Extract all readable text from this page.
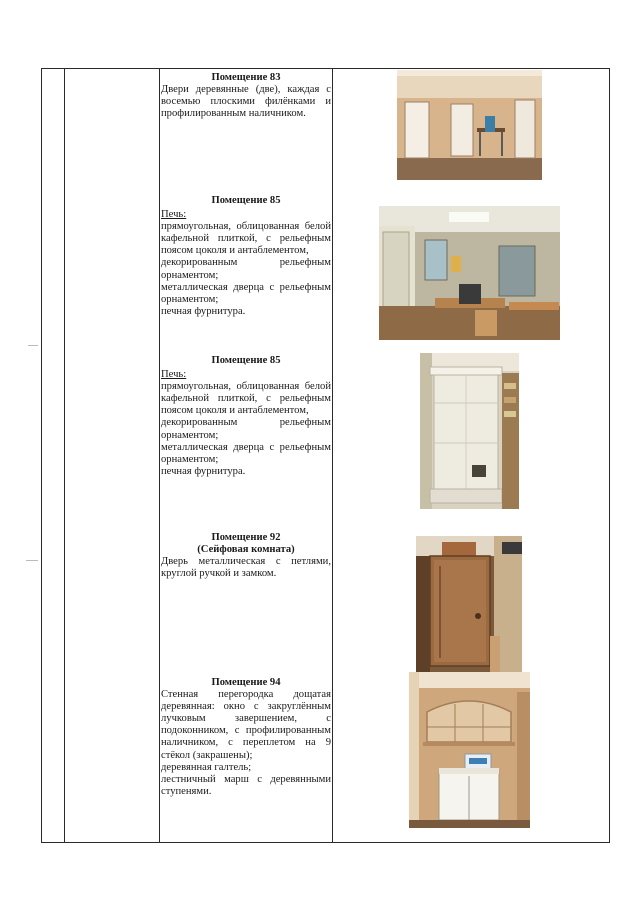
Помещение 83
Двери деревянные (две), каждая с восемью плоскими филёнками и профилированным наличником.
Помещение 85
Печь:
прямоугольная, облицованная белой кафельной плиткой, с рельефным поясом цоколя и антаблементом,
декорированным рельефным орнаментом;
металлическая дверца с рельефным орнаментом;
печная фурнитура.
Помещение 85
Печь:
прямоугольная, облицованная белой кафельной плиткой, с рельефным поясом цоколя и антаблементом,
декорированным рельефным орнаментом;
металлическая дверца с рельефным орнаментом;
печная фурнитура.
Помещение 92
(Сейфовая комната)
Дверь металлическая с петлями, круглой ручкой и замком.
Помещение 94
Стенная перегородка дощатая деревянная: окно с закруглённым лучковым завершением, с подоконником, с профилированным наличником, с переплетом на 9 стёкол (закрашены);
деревянная галтель;
лестничный марш с деревянными ступенями.
